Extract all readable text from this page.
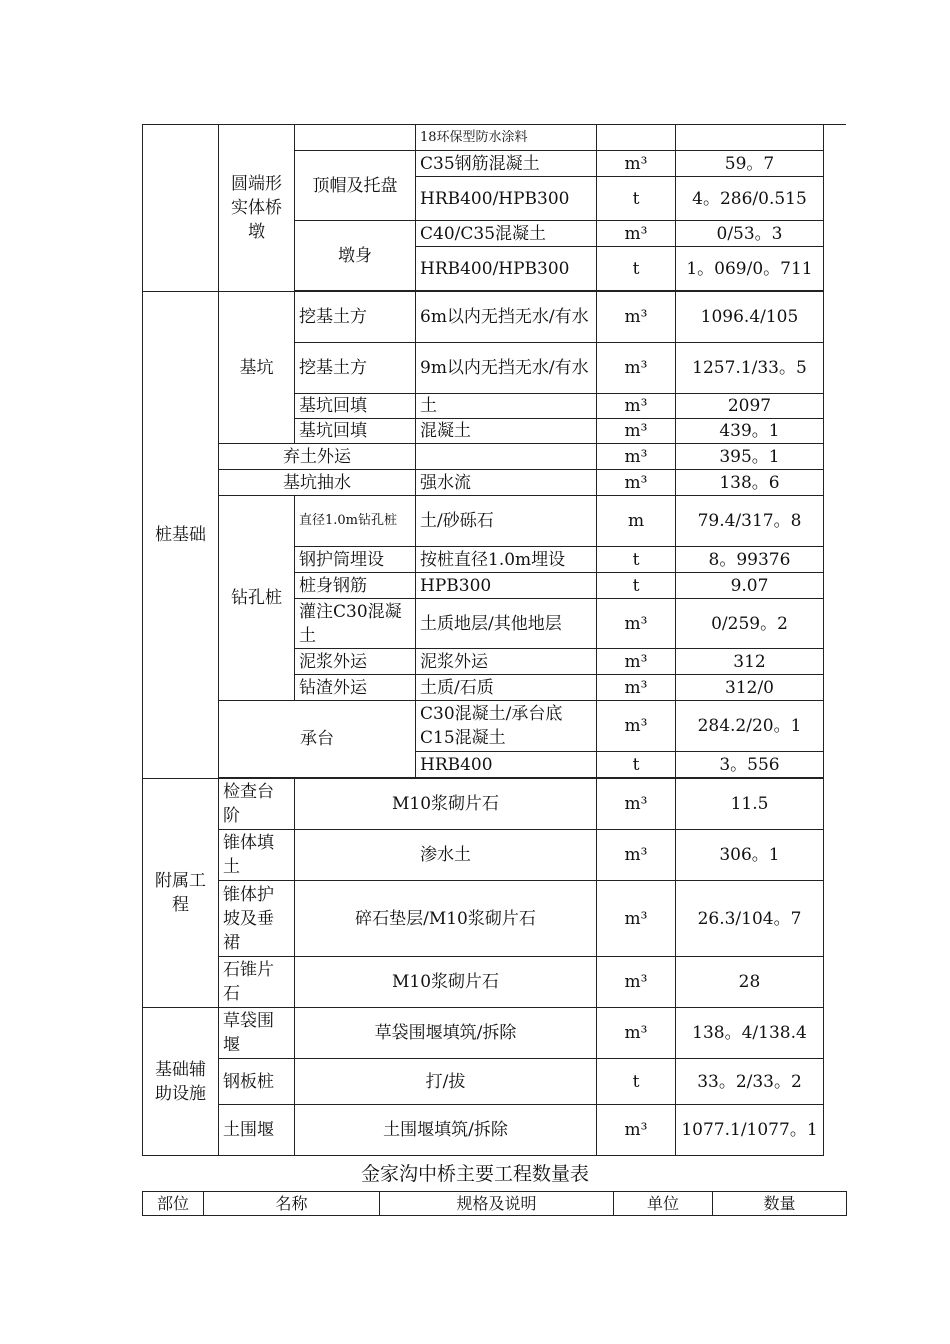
	圆端形实体桥墩		18环保型防水涂料		
		顶帽及托盘	C35钢筋混凝土	m³	59。7
			HRB400/HPB300	t	4。286/0.515
		墩身	C40/C35混凝土	m³	0/53。3
			HRB400/HPB300	t	1。069/0。711

桩基础	基坑	挖基土方	6m以内无挡无水/有水	m³	1096.4/105
		挖基土方	9m以内无挡无水/有水	m³	1257.1/33。5
		基坑回填	土	m³	2097
		基坑回填	混凝土	m³	439。1
	弃土外运			m³	395。1
	基坑抽水		强水流	m³	138。6
	钻孔桩	直径1.0m钻孔桩	土/砂砾石	m	79.4/317。8
		钢护筒埋设	按桩直径1.0m埋设	t	8。99376
		桩身钢筋	HPB300	t	9.07
		灌注C30混凝土	土质地层/其他地层	m³	0/259。2
		泥浆外运	泥浆外运	m³	312
		钻渣外运	土质/石质	m³	312/0
	承台		C30混凝土/承台底C15混凝土	m³	284.2/20。1
			HRB400	t	3。556

附属工程	检查台阶	M10浆砌片石		m³	11.5
	锥体填土	渗水土		m³	306。1
	锥体护坡及垂裙	碎石垫层/M10浆砌片石		m³	26.3/104。7
	石锥片石	M10浆砌片石		m³	28
基础辅助设施	草袋围堰	草袋围堰填筑/拆除		m³	138。4/138.4
	钢板桩	打/拔		t	33。2/33。2
	土围堰	土围堰填筑/拆除		m³	1077.1/1077。1
金家沟中桥主要工程数量表
部位	名称	规格及说明	单位	数量
